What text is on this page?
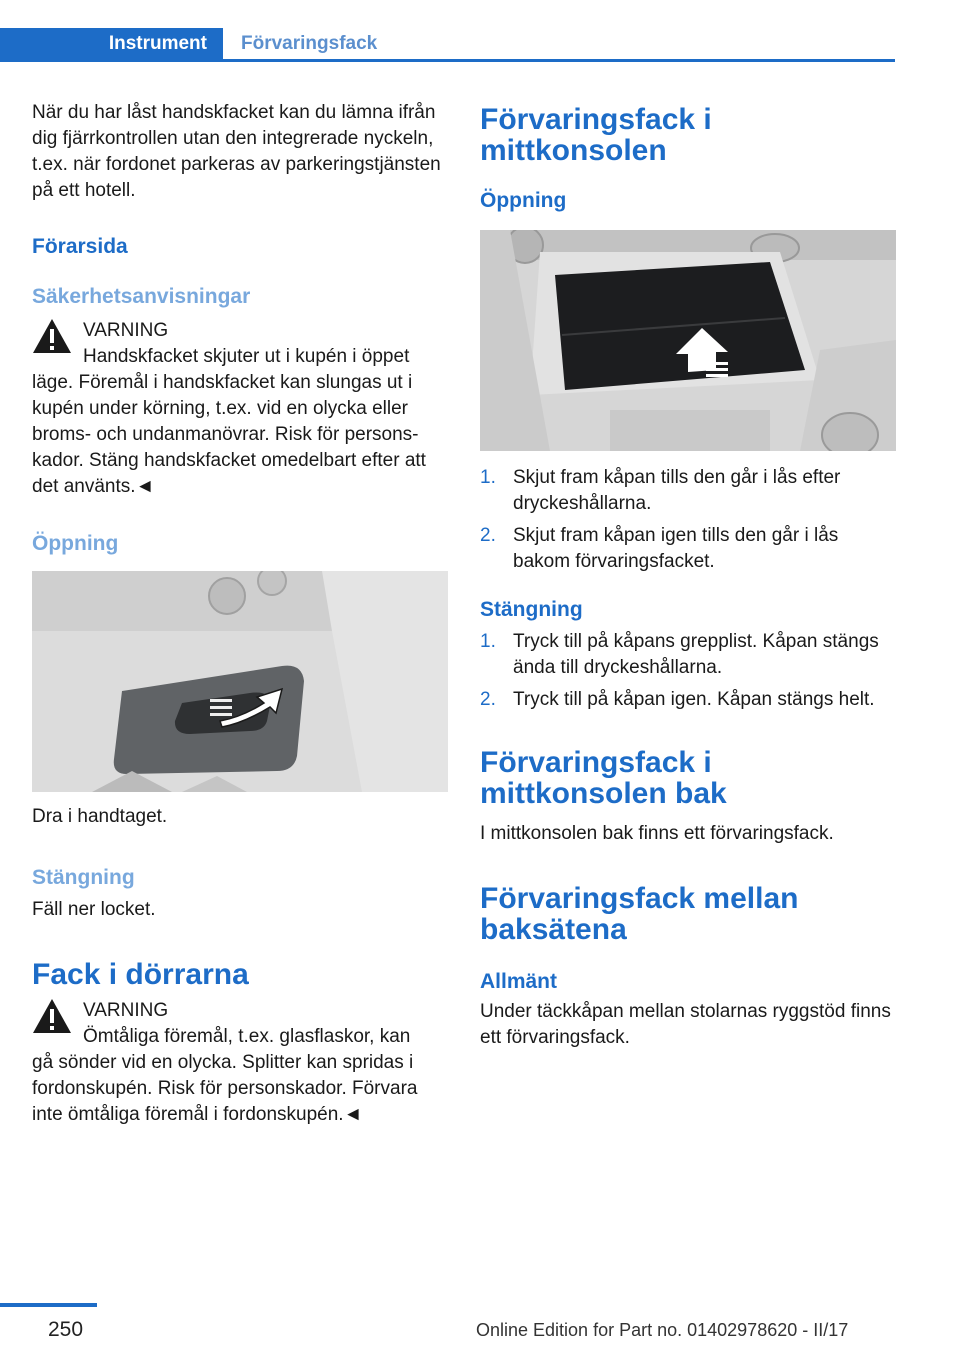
Instrument	Förvaringsfack

När du har låst handskfacket kan du lämna ifrån dig fjärrkontrollen utan den integrerade nyckeln, t.ex. när fordonet parkeras av parkeringstjänsten på ett hotell.

Förarsida
Säkerhetsanvisningar

VARNING

Handskfacket skjuter ut i kupén i öppet

läge. Föremål i handskfacket kan slungas ut i kupén under körning, t.ex. vid en olycka eller broms- och undanmanövrar. Risk för personskador. Stäng handskfacket omedelbart efter att det använts.◄

Öppning

Dra i handtaget.

Stängning

Fäll ner locket.

Fack i dörrarna

VARNING

Ömtåliga föremål, t.ex. glasflaskor, kan

gå sönder vid en olycka. Splitter kan spridas i fordonskupén. Risk för personskador. Förvara inte ömtåliga föremål i fordonskupén.◄

Förvaringsfack i mittkonsolen
Öppning
1. Skjut fram kåpan tills den går i lås efter dryckeshållarna.
2. Skjut fram kåpan igen tills den går i lås bakom förvaringsfacket.
Stängning
1. Tryck till på kåpans grepplist. Kåpan stängs ända till dryckeshållarna.
2. Tryck till på kåpan igen. Kåpan stängs helt.
Förvaringsfack i mittkonsolen bak

I mittkonsolen bak finns ett förvaringsfack.

Förvaringsfack mellan baksätena
Allmänt

Under täckkåpan mellan stolarnas ryggstöd finns ett förvaringsfack.

250	Online Edition for Part no. 01402978620 - II/17
